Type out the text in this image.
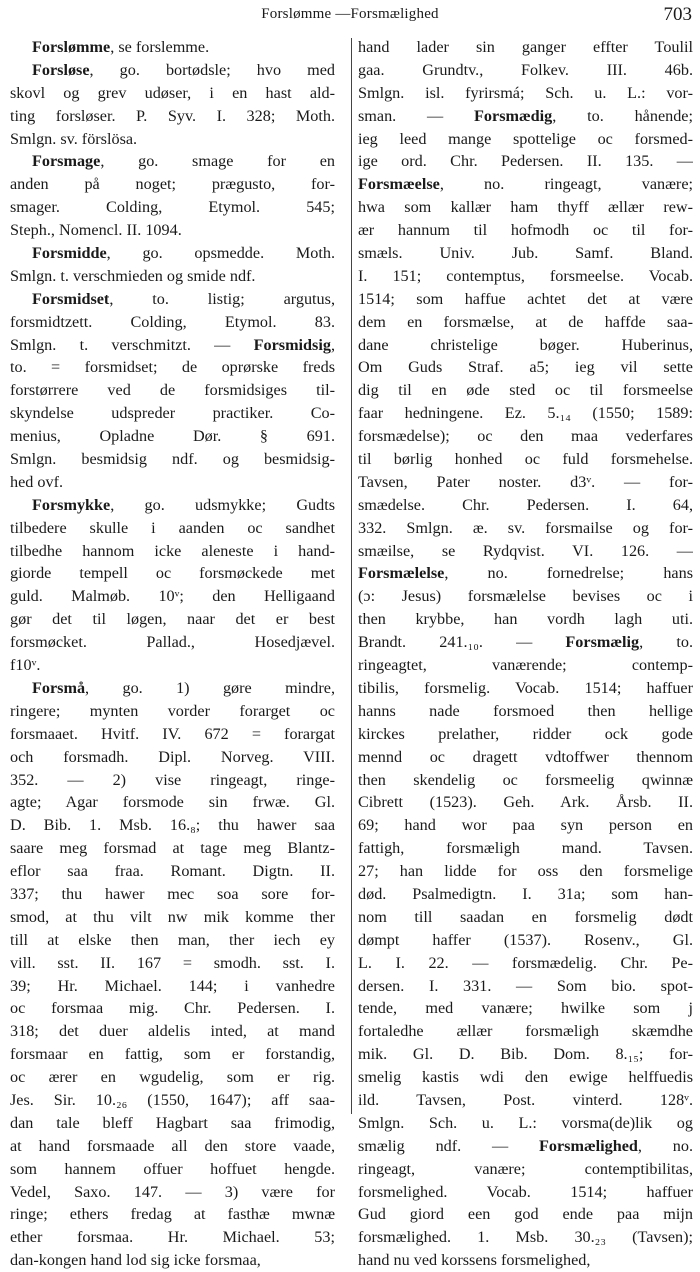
Forslømme —Forsmælighed	703
Forslømme, se forslemme.
Forsløse, go. bortødsle; hvo med
skovl og grev udøser, i en hast ald-
ting forsløser. P. Syv. I. 328; Moth.
Smlgn. sv. förslösa.
Forsmage, go. smage for en
anden på noget; prægusto, for-
smager. Colding, Etymol. 545;
Steph., Nomencl. II. 1094.
Forsmidde, go. opsmedde. Moth.
Smlgn. t. verschmieden og smide ndf.
Forsmidset, to. listig; argutus,
forsmidtzett. Colding, Etymol. 83.
Smlgn. t. verschmitzt. — Forsmidsig,
to. = forsmidset; de oprørske freds
forstørrere ved de forsmidsiges til-
skyndelse udspreder practiker. Co-
menius, Opladne Dør. § 691.
Smlgn. besmidsig ndf. og besmidsig-
hed ovf.
Forsmykke, go. udsmykke; Gudts
tilbedere skulle i aanden oc sandhet
tilbedhe hannom icke aleneste i hand-
giorde tempell oc forsmøckede met
guld. Malmøb. 10ᵛ; den Helligaand
gør det til løgen, naar det er best
forsmøcket. Pallad., Hosedjævel.
f10ᵛ.
Forsmå, go. 1) gøre mindre,
ringere; mynten vorder forarget oc
forsmaaet. Hvitf. IV. 672 = forargat
och forsmadh. Dipl. Norveg. VIII.
352. — 2) vise ringeagt, ringe-
agte; Agar forsmode sin frwæ. Gl.
D. Bib. 1. Msb. 16.₈; thu hawer saa
saare meg forsmad at tage meg Blantz-
eflor saa fraa. Romant. Digtn. II.
337; thu hawer mec soa sore for-
smod, at thu vilt nw mik komme ther
till at elske then man, ther iech ey
vill. sst. II. 167 = smodh. sst. I.
39; Hr. Michael. 144; i vanhedre
oc forsmaa mig. Chr. Pedersen. I.
318; det duer aldelis inted, at mand
forsmaar en fattig, som er forstandig,
oc ærer en wgudelig, som er rig.
Jes. Sir. 10.₂₆ (1550, 1647); aff saa-
dan tale bleff Hagbart saa frimodig,
at hand forsmaade all den store vaade,
som hannem offuer hoffuet hengde.
Vedel, Saxo. 147. — 3) være for
ringe; ethers fredag at fasthæ mwnæ
ether forsmaa. Hr. Michael. 53;
dan-kongen hand lod sig icke forsmaa,
hand lader sin ganger effter Toulil
gaa. Grundtv., Folkev. III. 46b.
Smlgn. isl. fyrirsmá; Sch. u. L.: vor-
sman. — Forsmædig, to. hånende;
ieg leed mange spottelige oc forsmed-
ige ord. Chr. Pedersen. II. 135. —
Forsmæelse, no. ringeagt, vanære;
hwa som kallær ham thyff ællær rew-
ær hannum til hofmodh oc til for-
smæls. Univ. Jub. Samf. Bland.
I. 151; contemptus, forsmeelse. Vocab.
1514; som haffue achtet det at være
dem en forsmælse, at de haffde saa-
dane christelige bøger. Huberinus,
Om Guds Straf. a5; ieg vil sette
dig til en øde sted oc til forsmeelse
faar hedningene. Ez. 5.₁₄ (1550; 1589:
forsmædelse); oc den maa vederfares
til børlig honhed oc fuld forsmehelse.
Tavsen, Pater noster. d3ᵛ. — for-
smædelse. Chr. Pedersen. I. 64,
332. Smlgn. æ. sv. forsmailse og for-
smæilse, se Rydqvist. VI. 126. —
Forsmælelse, no. fornedrelse; hans
(ɔ: Jesus) forsmælelse bevises oc i
then krybbe, han vordh lagh uti.
Brandt. 241.₁₀. — Forsmælig, to.
ringeagtet, vanærende; contemp-
tibilis, forsmelig. Vocab. 1514; haffuer
hanns nade forsmoed then hellige
kirckes prelather, ridder ock gode
mennd oc dragett vdtoffwer thennom
then skendelig oc forsmeelig qwinnæ
Cibrett (1523). Geh. Ark. Årsb. II.
69; hand wor paa syn person en
fattigh, forsmæligh mand. Tavsen.
27; han lidde for oss den forsmelige
død. Psalmedigtn. I. 31a; som han-
nom till saadan en forsmelig dødt
dømpt haffer (1537). Rosenv., Gl.
L. I. 22. — forsmædelig. Chr. Pe-
dersen. I. 331. — Som bio. spot-
tende, med vanære; hwilke som j
fortaledhe ællær forsmæligh skæmdhe
mik. Gl. D. Bib. Dom. 8.₁₅; for-
smelig kastis wdi den ewige helffuedis
ild. Tavsen, Post. vinterd. 128ᵛ.
Smlgn. Sch. u. L.: vorsma(de)lik og
smælig ndf. — Forsmælighed, no.
ringeagt, vanære; contemptibilitas,
forsmelighed. Vocab. 1514; haffuer
Gud giord een god ende paa mijn
forsmælighed. 1. Msb. 30.₂₃ (Tavsen);
hand nu ved korssens forsmelighed,
